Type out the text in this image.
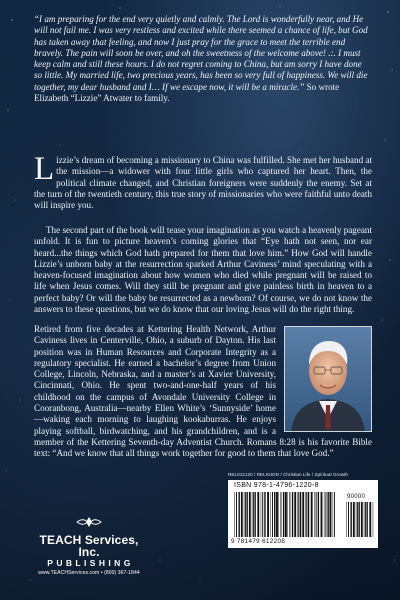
“I am preparing for the end very quietly and calmly. The Lord is wonderfully near, and He will not fail me. I was very restless and excited while there seemed a chance of life, but God has taken away that feeling, and now I just pray for the grace to meet the terrible end bravely. The pain will soon be over, and oh the sweetness of the welcome above! .:. I must keep calm and still these hours. I do not regret coming to China, but am sorry I have done so little. My married life, two precious years, has been so very full of happiness. We will die together, my dear husband and I… If we escape now, it will be a miracle.” So wrote Elizabeth “Lizzie” Atwater to family.

Lizzie’s dream of becoming a missionary to China was fulfilled. She met her husband at the mission—a widower with four little girls who captured her heart. Then, the political climate changed, and Christian foreigners were suddenly the enemy. Set at the turn of the twentieth century, this true story of missionaries who were faithful unto death will inspire you.

The second part of the book will tease your imagination as you watch a heavenly pageant unfold. It is fun to picture heaven’s coming glories that “Eye hath not seen, nor ear heard...the things which God hath prepared for them that love him.” How God will handle Lizzie’s unborn baby at the resurrection sparked Arthur Caviness’ mind speculating with a heaven-focused imagination about how women who died while pregnant will be raised to life when Jesus comes. Will they still be pregnant and give painless birth in heaven to a perfect baby? Or will the baby be resurrected as a newborn? Of course, we do not know the answers to these questions, but we do know that our loving Jesus will do the right thing.

Retired from five decades at Kettering Health Network, Arthur Caviness lives in Centerville, Ohio, a suburb of Dayton. His last position was in Human Resources and Corporate Integrity as a regulatory specialist. He earned a bachelor’s degree from Union College, Lincoln, Nebraska, and a master’s at Xavier University, Cincinnati, Ohio. He spent two-and-one-half years of his childhood on the campus of Avondale University College in Cooranbong, Australia—nearby Ellen White’s ‘Sunnyside’ home—waking each morning to laughing kookaburras. He enjoys playing softball, birdwatching, and his grandchildren, and is a member of the Kettering Seventh-day Adventist Church. Romans 8:28 is his favorite Bible text: “And we know that all things work together for good to them that love God.”
REL012120 / RELIGION / Christian Life / Spiritual Growth
ISBN 978-1-4796-1220-8
90000
9 781479 612208

TEACH Services, Inc.

PUBLISHING

www.TEACHServices.com • (800) 367-1844
